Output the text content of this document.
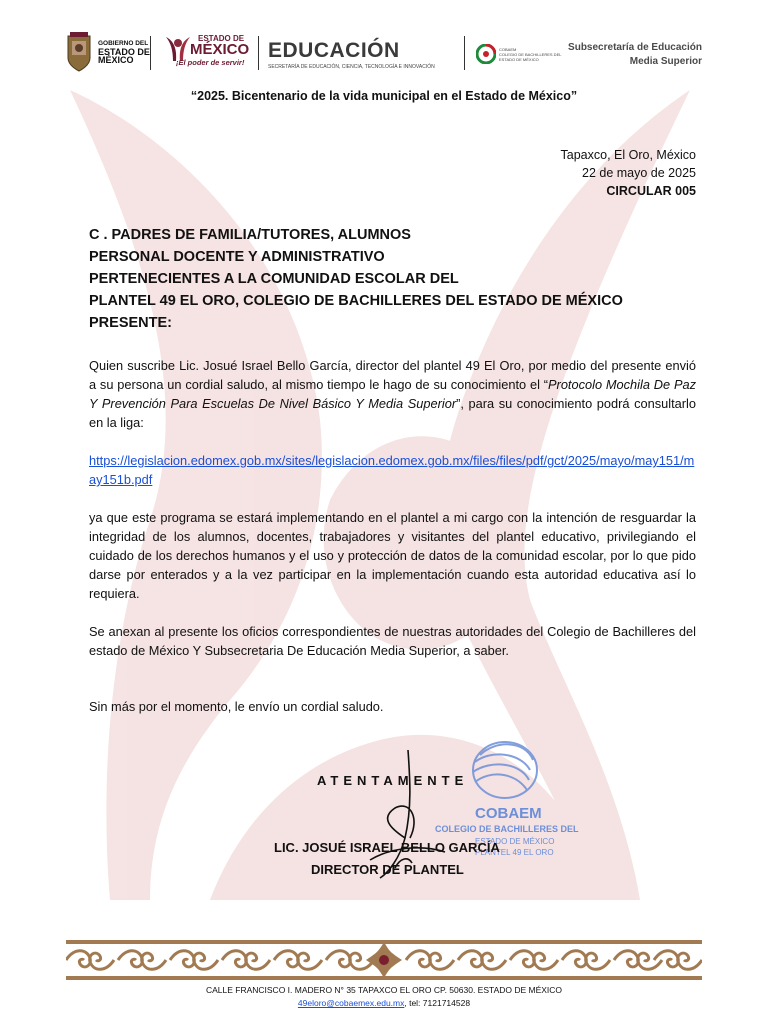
GOBIERNO DEL
ESTADO DE
MÉXICO
ESTADO DE
MÉXICO
¡El poder de servir!
EDUCACIÓN
SECRETARÍA DE EDUCACIÓN, CIENCIA, TECNOLOGÍA E INNOVACIÓN
COBAEM
COLEGIO DE BACHILLERES DEL
ESTADO DE MÉXICO
Subsecretaría de Educación
Media Superior
“2025. Bicentenario de la vida municipal en el Estado de México”
Tapaxco, El Oro, México
22 de mayo de 2025
CIRCULAR 005
C . PADRES DE FAMILIA/TUTORES, ALUMNOS
PERSONAL DOCENTE Y ADMINISTRATIVO
PERTENECIENTES A LA COMUNIDAD ESCOLAR DEL
PLANTEL 49 EL ORO, COLEGIO DE BACHILLERES DEL ESTADO DE MÉXICO
PRESENTE:
Quien suscribe Lic. Josué Israel Bello García, director del plantel 49 El Oro, por medio del presente envió a su persona un cordial saludo, al mismo tiempo le hago de su conocimiento el “Protocolo Mochila De Paz Y Prevención Para Escuelas De Nivel Básico Y Media Superior”, para su conocimiento podrá consultarlo en la liga:
https://legislacion.edomex.gob.mx/sites/legislacion.edomex.gob.mx/files/files/pdf/gct/2025/mayo/may151/may151b.pdf
ya que este programa se estará implementando en el plantel a mi cargo con la intención de resguardar la integridad de los alumnos, docentes, trabajadores y visitantes del plantel educativo, privilegiando el cuidado de los derechos humanos y el uso y protección de datos de la comunidad escolar, por lo que pido darse por enterados y a la vez participar en la implementación cuando esta autoridad educativa así lo requiera.
Se anexan al presente los oficios correspondientes de nuestras autoridades del Colegio de Bachilleres del estado de México Y Subsecretaria De Educación Media Superior, a saber.
Sin más por el momento, le envío un cordial saludo.
COBAEM
COLEGIO DE BACHILLERES DEL
ESTADO DE MÉXICO
PLANTEL 49 EL ORO
ATENTAMENTE
LIC. JOSUÉ ISRAEL BELLO GARCÍA
DIRECTOR DE PLANTEL
CALLE FRANCISCO I. MADERO N° 35 TAPAXCO EL ORO CP. 50630. ESTADO DE MÉXICO
49eloro@cobaemex.edu.mx, tel: 7121714528
